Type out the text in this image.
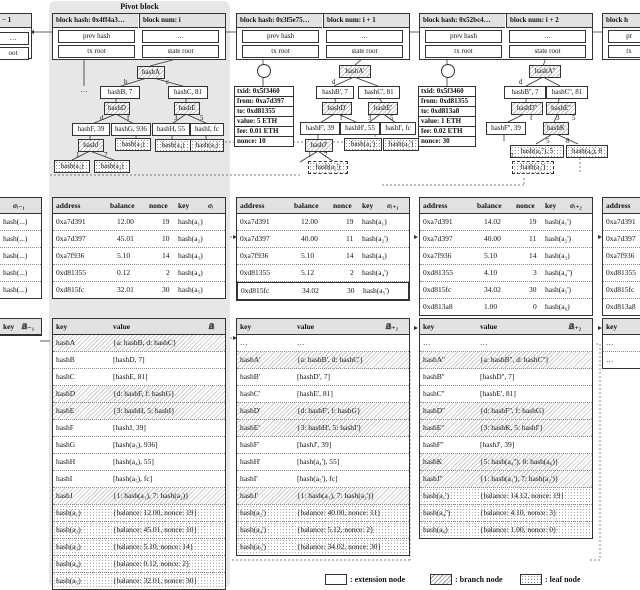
Pivot block
− 1
…
oot
block hash: 0x4ff4a3…	block num: i
prev hash	…
tx root	state root
block hash: 0x3f5e75…	block num: i + 1
prev hash	…
tx root	state root
block hash: 0x52bc4…	block num: i + 2
prev hash	…
tx root	state root
block h
pr
tx
…
hashA
hashB, 7	hashC, 81
hashD	hashE
hashF, 39	hashG, 936	hashH, 55	hashI, fc
hashJ	hash(a₃)	hash(a₄)	hash(a₅)
hash(a₁)	hash(a₂)
b	c
d	f	3	5
1	7
txid: 0x5f3460
from: 0xa7d397
to: 0xd81355
value: 5 ETH
fee: 0.01 ETH
nonce: 10
hashA'
hashB', 7	hashC', 81
hashD'	hashE'
hashF', 39	hashH', 55	hashI', fc
hashJ'	hash(a₄')	hash(a₅')
hash(a₂')
d
f	3	5
1 7
txid: 0x5f3460
from: 0xd81355
to: 0xd813a8
value: 1 ETH
fee: 0.02 ETH
nonce: 30
hashA''
hashB'', 7	hashC'', 81
hashD''	hashE''
hashF'', 39	hashK
hash(a₄''), 5	hash(a₆), 8
hash(a₂')
d
f	3 5
5 8
7
σᵢ₋₁
hash(...)
hash(...)
hash(...)
hash(...)
hash(...)
address	balance nonce key	σᵢ
0xa7d391	12.00	19 hash(a₁)
0xa7d397	45.01	10 hash(a₂)
0xa7f936	5.10	14 hash(a₃)
0xd81355	0.12	2 hash(a₄)
0xd815fc	32.01	30 hash(a₅)
address	balance nonce key σᵢ₊₁
0xa7d391	12.00	19 hash(a₁)
0xa7d397	40.00	11 hash(a₂')
0xa7f936	5.10	14 hash(a₃)
0xd81355	5.12	2 hash(a₄')
0xd815fc	34.02	30 hash(a₅')
address	balance nonce key σᵢ₊₂
0xa7d391	14.02	19 hash(a₁')
0xa7d397	40.00	11 hash(a₂')
0xa7f936	5.10	14 hash(a₃)
0xd81355	4.10	3 hash(a₄'')
0xd815fc	34.02	30 hash(a₅')
0xd813a8	1.00	0 hash(a₆)
address
0xa7d391
0xa7d397
0xa7f936
0xd81355
0xd815fc
0xd813a8
key 𝔹ᵢ₋₁	key	value	𝔹ᵢ
hashA	{a: hashB, d: hashC}
hashB	[hashD, 7]
hashC	[hashE, 81]
hashD	{d: hashF, f: hashG}
hashE	{3: hashH, 5: hashI}
hashF	[hashJ, 39]
hashG	[hash(a₃), 936]
hashH	[hash(a₄), 55]
hashI	[hash(a₅), fc]
hashJ	{1: hash(a₁), 7: hash(a₂)}
hash(a₁)	{balance: 12.00, nonce: 19}
hash(a₂)	{balance: 45.01, nonce: 10}
hash(a₃)	{balance: 5.10, nonce: 14}
hash(a₄)	{balance: 0.12, nonce: 2}
hash(a₅)	{balance: 32.01, nonce: 30}
key	value	𝔹ᵢ₊₁
…	…
hashA'	{a: hashB', d: hashC'}
hashB'	[hashD', 7]
hashC'	[hashE', 81]
hashD'	{d: hashF', f: hashG}
hashE'	{3: hashH', 5: hashI'}
hashF'	[hashJ', 39]
hashH'	[hash(a₄'), 55]
hashI'	[hash(a₅'), fc]
hashJ'	{1: hash(a₁), 7: hash(a₂')}
hash(a₂')	{balance: 40.00, nonce: 11}
hash(a₄')	{balance: 5.12, nonce: 2}
hash(a₅')	{balance: 34.02, nonce: 30}
key	value	𝔹ᵢ₊₂
…	…
hashA''	{a: hashB'', d: hashC''}
hashB''	[hashD'', 7]
hashC''	[hashE', 81]
hashD''	{d: hashF'', f: hashG}
hashE''	{3: hashK, 5: hashI'}
hashF''	[hashJ', 39]
hashK	{5: hash(a₄''), 8: hash(a₆)}
hashJ''	{1: hash(a₁'), 7: hash(a₂')}
hash(a₁')	{balance: 14.12, nonce: 19}
hash(a₄'')	{balance: 4.10, nonce: 3}
hash(a₆)	{balance: 1.00, nonce: 0}
key
…
…
: extension node	: branch node	: leaf node
